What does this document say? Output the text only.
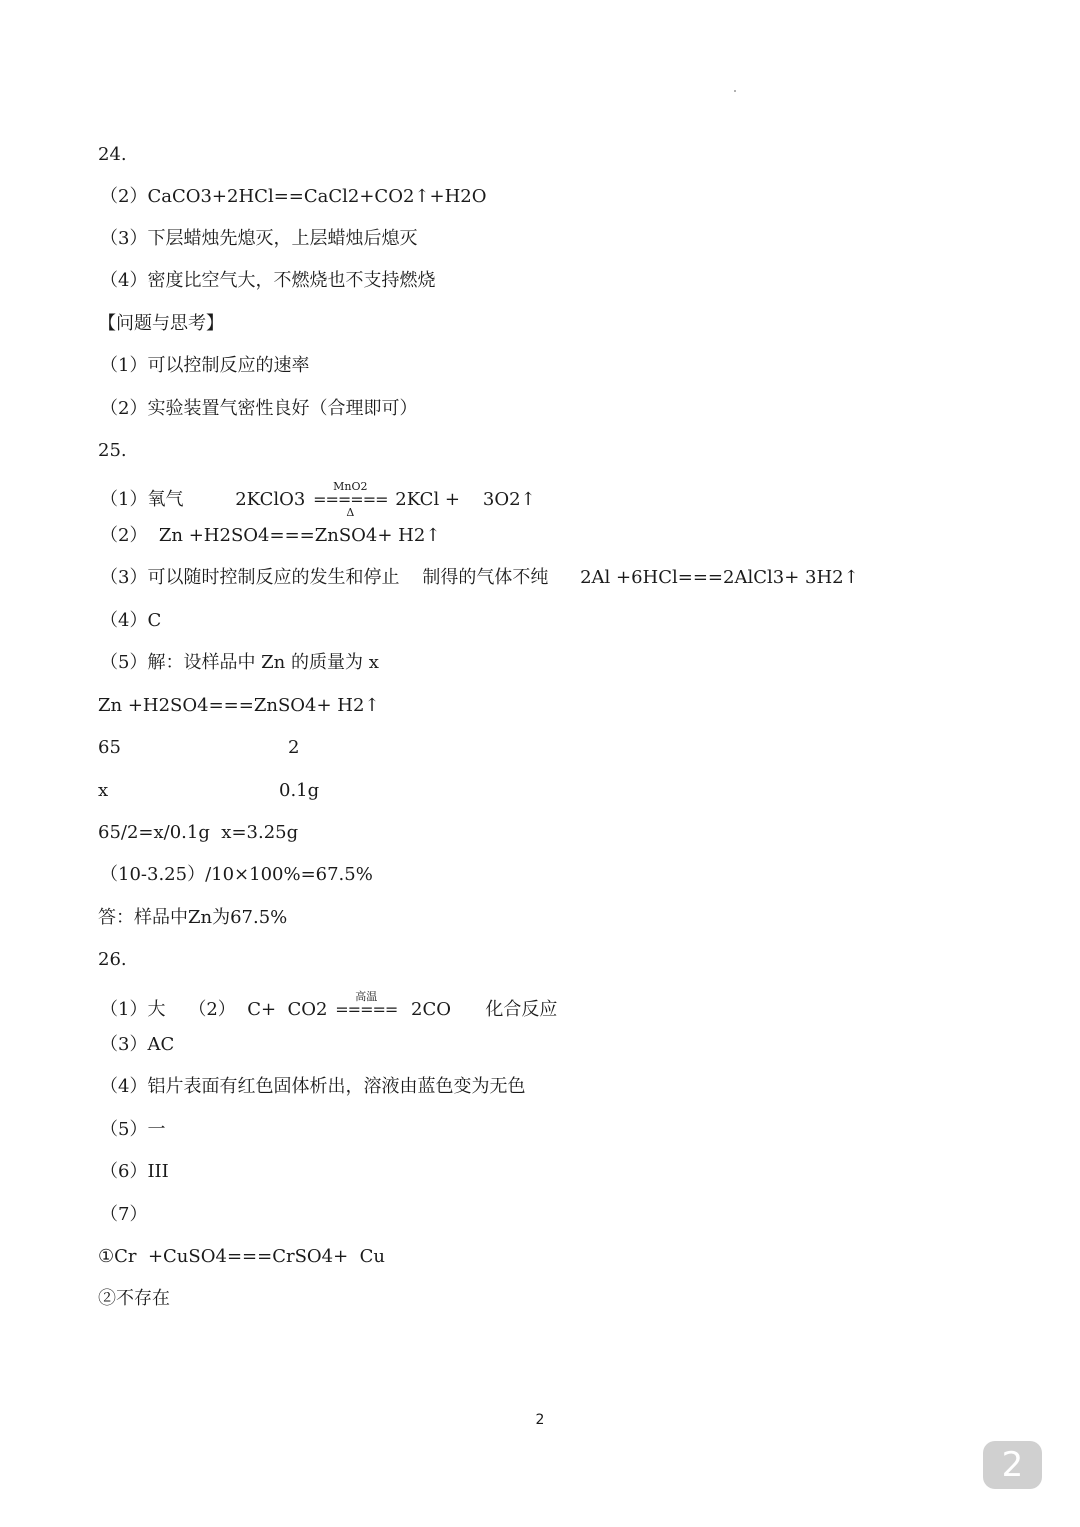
24.
（2）CaCO3+2HCl==CaCl2+CO2↑+H2O
（3）下层蜡烛先熄灭，上层蜡烛后熄灭
（4）密度比空气大，不燃烧也不支持燃烧
【问题与思考】
（1）可以控制反应的速率
（2）实验装置气密性良好（合理即可）
25.
（1）氧气	2KClO3
MnO2
======
Δ
2KCl +    3O2↑
（2）  Zn +H2SO4===ZnSO4+ H2↑
（3）可以随时控制反应的发生和停止    制得的气体不纯 2Al +6HCl===2AlCl3+ 3H2↑
（4）C
（5）解：设样品中 Zn 的质量为 x
Zn +H2SO4===ZnSO4+ H2↑
65	2
x	0.1g
65/2=x/0.1g  x=3.25g
（10-3.25）/10×100%=67.5%
答：样品中Zn为67.5%
26.
（1）大    （2）  C+  CO2
高温
=====
2CO      化合反应
（3）AC
（4）铝片表面有红色固体析出，溶液由蓝色变为无色
（5）一
（6）III
（7）
①Cr  +CuSO4===CrSO4+  Cu
②不存在
2
2
